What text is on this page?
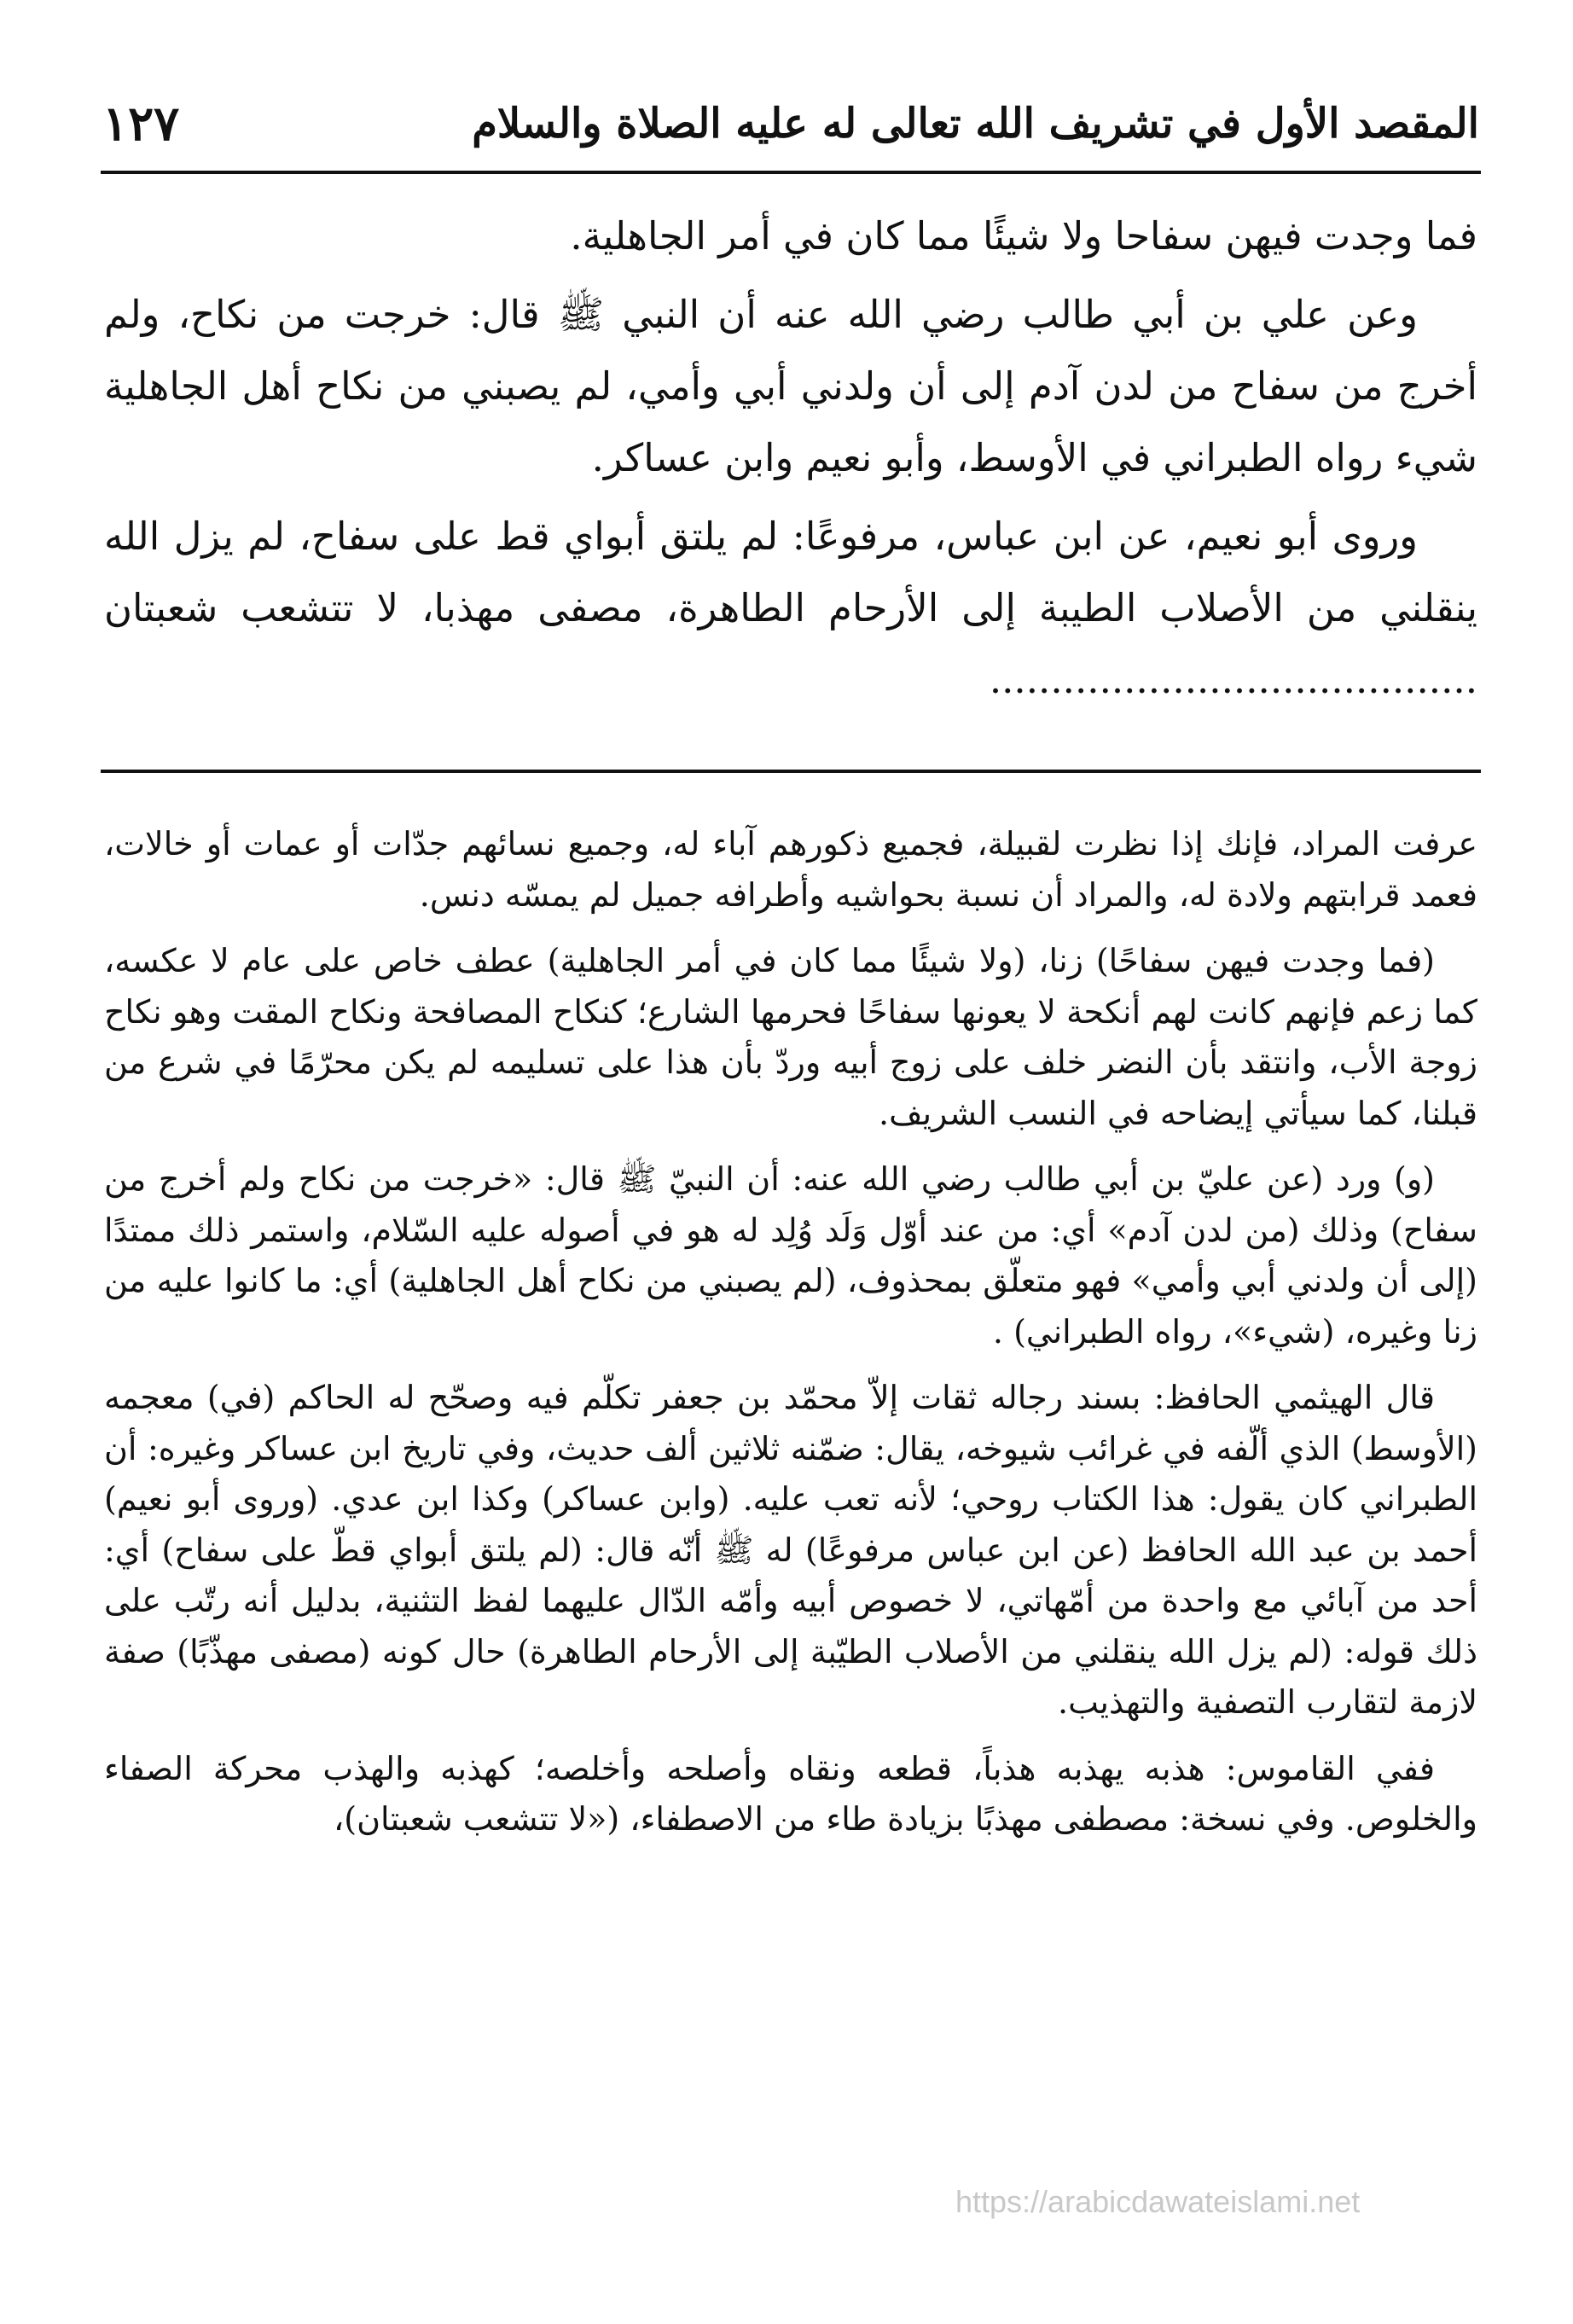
المقصد الأول في تشريف الله تعالى له عليه الصلاة والسلام
١٢٧

فما وجدت فيهن سفاحا ولا شيئًا مما كان في أمر الجاهلية.

وعن علي بن أبي طالب رضي الله عنه أن النبي ﷺ قال: خرجت من نكاح، ولم أخرج من سفاح من لدن آدم إلى أن ولدني أبي وأمي، لم يصبني من نكاح أهل الجاهلية شيء رواه الطبراني في الأوسط، وأبو نعيم وابن عساكر.

وروى أبو نعيم، عن ابن عباس، مرفوعًا: لم يلتق أبواي قط على سفاح، لم يزل الله ينقلني من الأصلاب الطيبة إلى الأرحام الطاهرة، مصفى مهذبا، لا تتشعب شعبتان ........................................

عرفت المراد، فإنك إذا نظرت لقبيلة، فجميع ذكورهم آباء له، وجميع نسائهم جدّات أو عمات أو خالات، فعمد قرابتهم ولادة له، والمراد أن نسبة بحواشيه وأطرافه جميل لم يمسّه دنس.

(فما وجدت فيهن سفاحًا) زنا، (ولا شيئًا مما كان في أمر الجاهلية) عطف خاص على عام لا عكسه، كما زعم فإنهم كانت لهم أنكحة لا يعونها سفاحًا فحرمها الشارع؛ كنكاح المصافحة ونكاح المقت وهو نكاح زوجة الأب، وانتقد بأن النضر خلف على زوج أبيه وردّ بأن هذا على تسليمه لم يكن محرّمًا في شرع من قبلنا، كما سيأتي إيضاحه في النسب الشريف.

(و) ورد (عن عليّ بن أبي طالب رضي الله عنه: أن النبيّ ﷺ قال: «خرجت من نكاح ولم أخرج من سفاح) وذلك (من لدن آدم» أي: من عند أوّل وَلَد وُلِد له هو في أصوله عليه السّلام، واستمر ذلك ممتدًا (إلى أن ولدني أبي وأمي» فهو متعلّق بمحذوف، (لم يصبني من نكاح أهل الجاهلية) أي: ما كانوا عليه من زنا وغيره، (شيء»، رواه الطبراني) .

قال الهيثمي الحافظ: بسند رجاله ثقات إلاّ محمّد بن جعفر تكلّم فيه وصحّح له الحاكم (في) معجمه (الأوسط) الذي ألّفه في غرائب شيوخه، يقال: ضمّنه ثلاثين ألف حديث، وفي تاريخ ابن عساكر وغيره: أن الطبراني كان يقول: هذا الكتاب روحي؛ لأنه تعب عليه. (وابن عساكر) وكذا ابن عدي. (وروى أبو نعيم) أحمد بن عبد الله الحافظ (عن ابن عباس مرفوعًا) له ﷺ أنّه قال: (لم يلتق أبواي قطّ على سفاح) أي: أحد من آبائي مع واحدة من أمّهاتي، لا خصوص أبيه وأمّه الدّال عليهما لفظ التثنية، بدليل أنه رتّب على ذلك قوله: (لم يزل الله ينقلني من الأصلاب الطيّبة إلى الأرحام الطاهرة) حال كونه (مصفى مهذّبًا) صفة لازمة لتقارب التصفية والتهذيب.

ففي القاموس: هذبه يهذبه هذباً، قطعه ونقاه وأصلحه وأخلصه؛ كهذبه والهذب محركة الصفاء والخلوص. وفي نسخة: مصطفى مهذبًا بزيادة طاء من الاصطفاء، («لا تتشعب شعبتان)،

https://arabicdawateislami.net
